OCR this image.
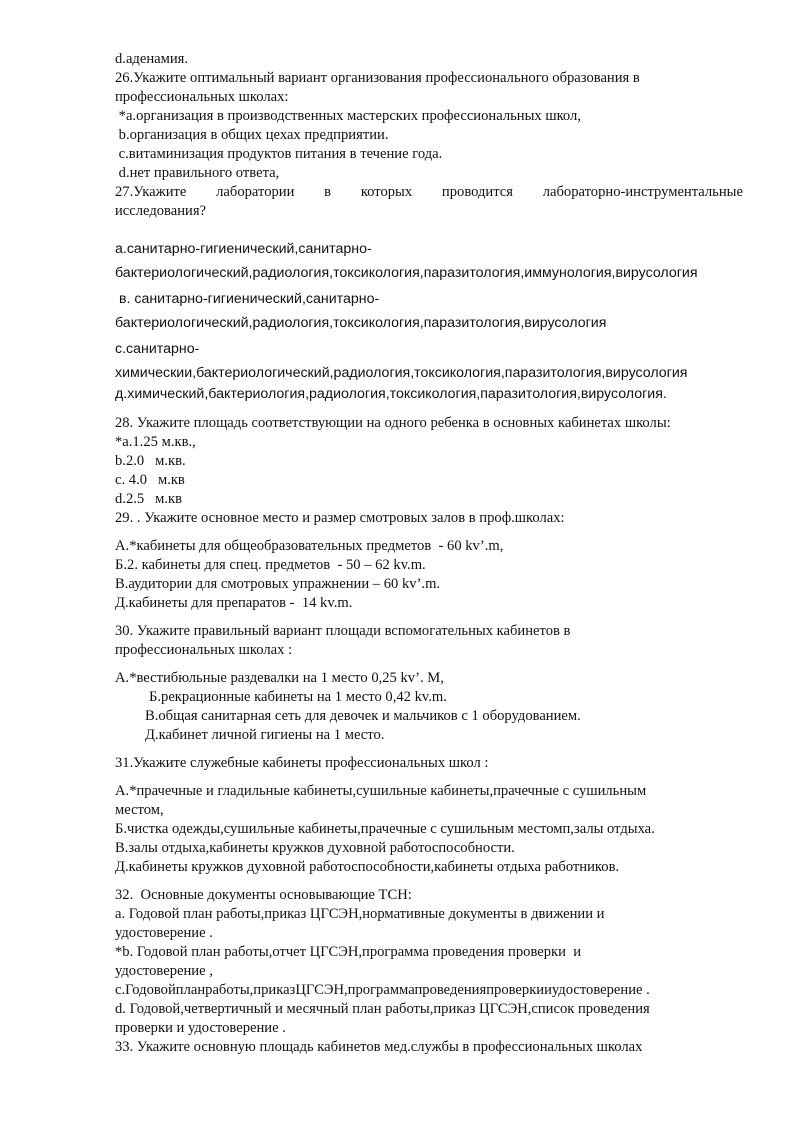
d.аденамия.
26.Укажите оптимальный вариант организования профессионального образования в
профессиональных школах:
*a.организация в производственных мастерских профессиональных школ,
b.организация в общих цехах предприятии.
c.витаминизация продуктов питания в течение года.
d.нет правильного ответа,
27.Укажите лаборатории в которых проводится лабораторно-инструментальные
исследования?
a.санитарно-гигиенический,санитарно-
бактериологический,радиология,токсикология,паразитология,иммунология,вирусология
в. санитарно-гигиенический,санитарно-
бактериологический,радиология,токсикология,паразитология,вирусология
c.санитарно-
химическии,бактериологический,радиология,токсикология,паразитология,вирусология
д.химический,бактериология,радиология,токсикология,паразитология,вирусология.
28. Укажите площадь соответствующии на одного ребенка в основных кабинетах школы:
*a.1.25 м.кв.,
b.2.0   м.кв.
c. 4.0   м.кв
d.2.5   м.кв
29. . Укажите основное место и размер смотровых залов в проф.школах:
A.*кабинеты для общеобразовательных предметов  - 60 kv’.m,
Б.2. кабинеты для спец. предметов  - 50 – 62 kv.m.
В.аудитории для смотровых упражнении – 60 kv’.m.
Д.кабинеты для препаратов -  14 kv.m.
30. Укажите правильный вариант площади вспомогательных кабинетов в
профессиональных школах :
A.*вестибюльные раздевалки на 1 место 0,25 kv’. M,
Б.рекрационные кабинеты на 1 место 0,42 kv.m.
В.общая санитарная сеть для девочек и мальчиков с 1 оборудованием.
Д.кабинет личной гигиены на 1 место.
31.Укажите служебные кабинеты профессиональных школ :
A.*прачечные и гладильные кабинеты,сушильные кабинеты,прачечные с сушильным
местом,
Б.чистка одежды,сушильные кабинеты,прачечные с сушильным местомп,залы отдыха.
В.залы отдыха,кабинеты кружков духовной работоспособности.
Д.кабинеты кружков духовной работоспособности,кабинеты отдыха работников.
32.  Основные документы основывающие ТСН:
a. Годовой план работы,приказ ЦГСЭН,нормативные документы в движении и
удостоверение .
*b. Годовой план работы,отчет ЦГСЭН,программа проведения проверки  и
удостоверение ,
c.Годовойпланработы,приказЦГСЭН,программапроведенияпроверкииудостоверение .
d. Годовой,четвертичный и месячный план работы,приказ ЦГСЭН,список проведения
проверки и удостоверение .
33. Укажите основную площадь кабинетов мед.службы в профессиональных школах
